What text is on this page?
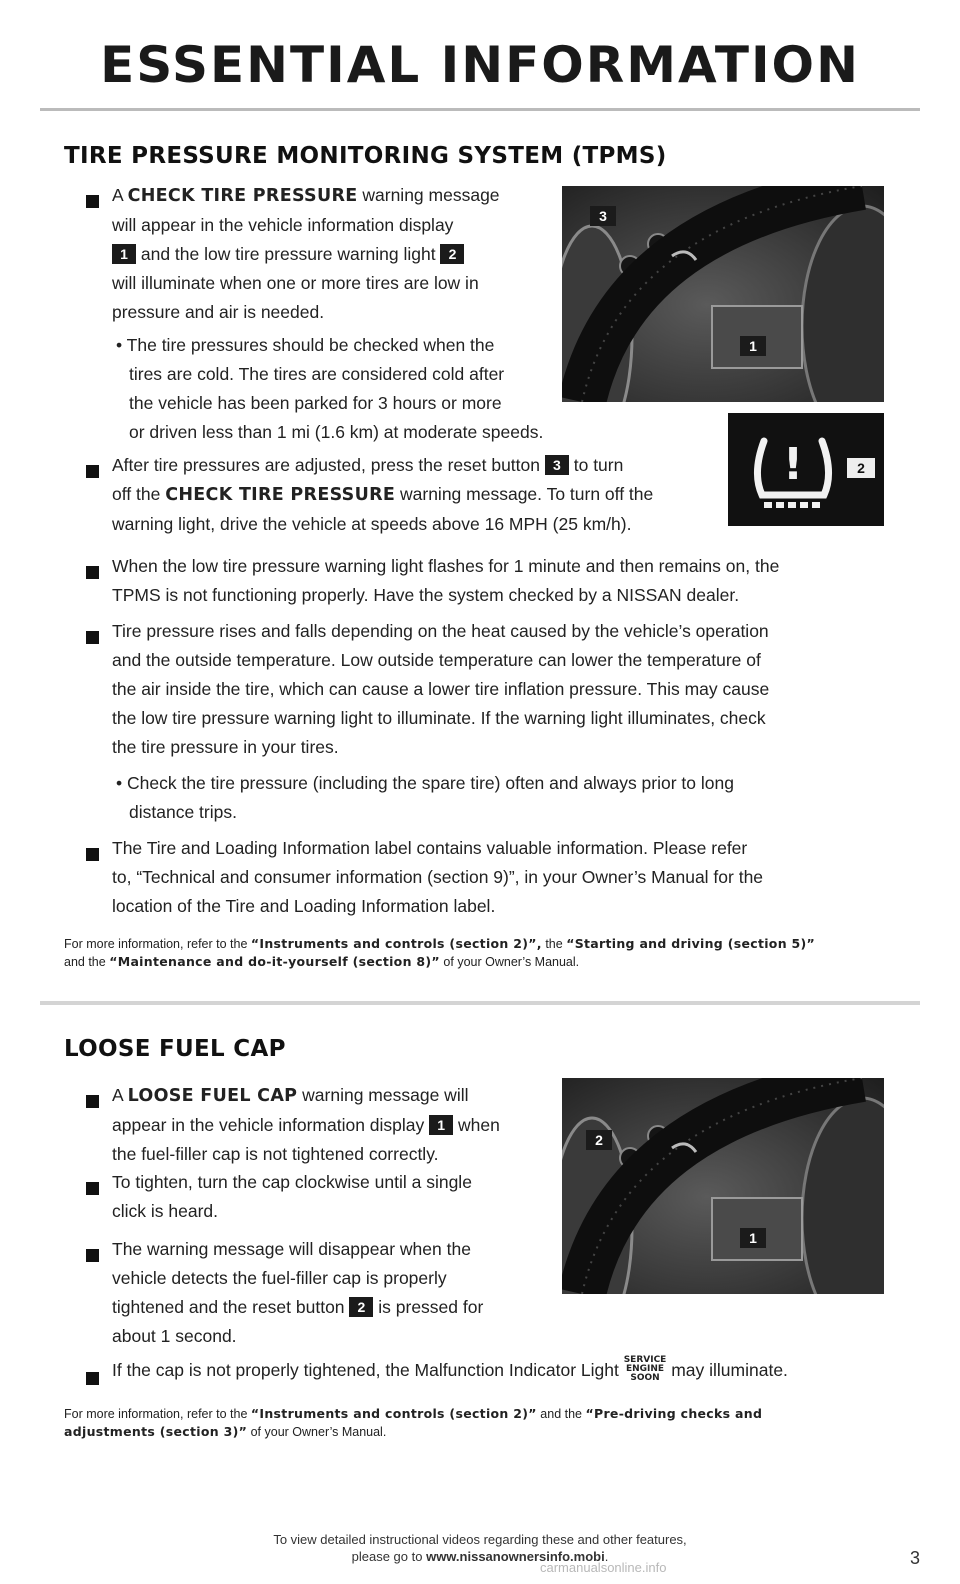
ESSENTIAL INFORMATION
TIRE PRESSURE MONITORING SYSTEM (TPMS)
3
1
!	2
A CHECK TIRE PRESSURE warning message
will appear in the vehicle information display
1 and the low tire pressure warning light 2
will illuminate when one or more tires are low in
pressure and air is needed.
• The tire pressures should be checked when the
tires are cold. The tires are considered cold after
the vehicle has been parked for 3 hours or more
or driven less than 1 mi (1.6 km) at moderate speeds.
After tire pressures are adjusted, press the reset button 3 to turn
off the CHECK TIRE PRESSURE warning message. To turn off the
warning light, drive the vehicle at speeds above 16 MPH (25 km/h).
When the low tire pressure warning light flashes for 1 minute and then remains on, the
TPMS is not functioning properly. Have the system checked by a NISSAN dealer.
Tire pressure rises and falls depending on the heat caused by the vehicle’s operation
and the outside temperature. Low outside temperature can lower the temperature of
the air inside the tire, which can cause a lower tire inflation pressure. This may cause
the low tire pressure warning light to illuminate. If the warning light illuminates, check
the tire pressure in your tires.
• Check the tire pressure (including the spare tire) often and always prior to long
distance trips.
The Tire and Loading Information label contains valuable information. Please refer
to, “Technical and consumer information (section 9)”, in your Owner’s Manual for the
location of the Tire and Loading Information label.
For more information, refer to the “Instruments and controls (section 2)”, the “Starting and driving (section 5)”
and the “Maintenance and do-it-yourself (section 8)” of your Owner’s Manual.
LOOSE FUEL CAP
2
1
A LOOSE FUEL CAP warning message will
appear in the vehicle information display 1 when
the fuel-filler cap is not tightened correctly.
To tighten, turn the cap clockwise until a single
click is heard.
The warning message will disappear when the
vehicle detects the fuel-filler cap is properly
tightened and the reset button 2 is pressed for
about 1 second.
If the cap is not properly tightened, the Malfunction Indicator Light SERVICE
ENGINE
SOON may illuminate.
For more information, refer to the “Instruments and controls (section 2)” and the “Pre-driving checks and
adjustments (section 3)” of your Owner’s Manual.
To view detailed instructional videos regarding these and other features,
please go to www.nissanownersinfo.mobi.	3
carmanualsonline.info
